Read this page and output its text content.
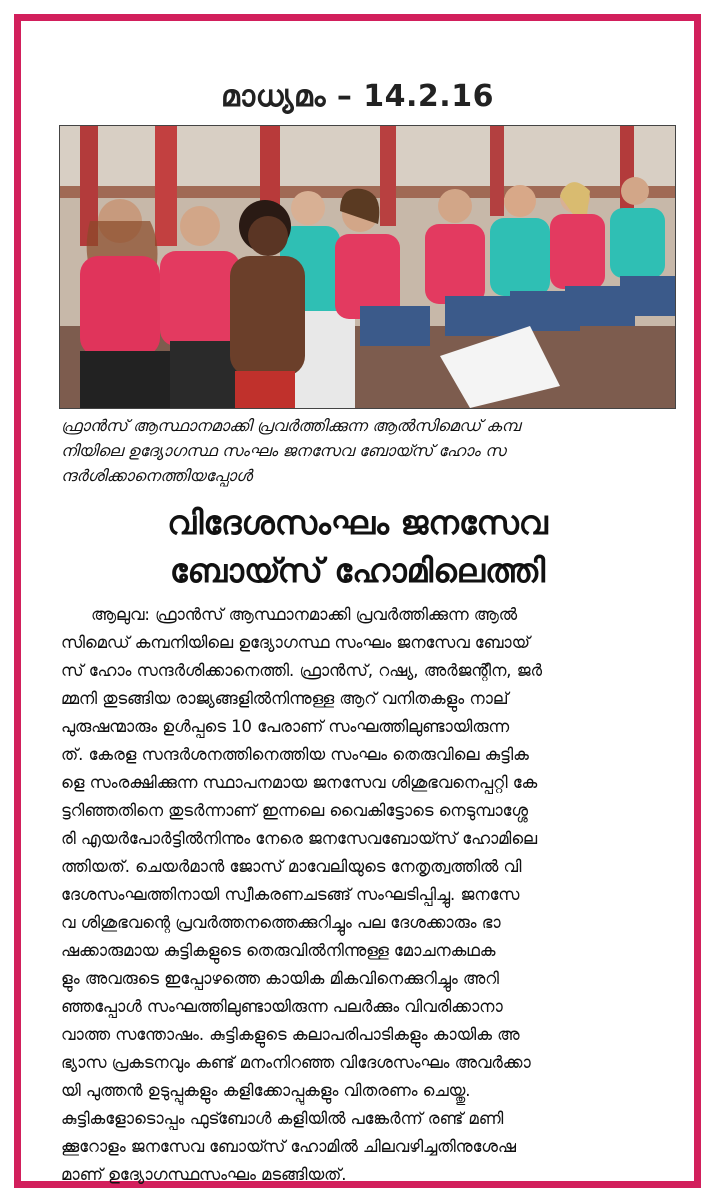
മാധ്യമം – 14.2.16
ഫ്രാൻസ് ആസ്ഥാനമാക്കി പ്രവർത്തിക്കുന്ന ആൽസിമെഡ് കമ്പ
നിയിലെ ഉദ്യോഗസ്ഥ സംഘം ജനസേവ ബോയ്സ് ഹോം സ
ന്ദർശിക്കാനെത്തിയപ്പോൾ
വിദേശസംഘം ജനസേവ
ബോയ്സ് ഹോമിലെത്തി
ആലുവ: ഫ്രാൻസ് ആസ്ഥാനമാക്കി പ്രവർത്തിക്കുന്ന ആൽ
സിമെഡ് കമ്പനിയിലെ ഉദ്യോഗസ്ഥ സംഘം ജനസേവ ബോയ്
സ് ഹോം സന്ദർശിക്കാനെത്തി. ഫ്രാൻസ്, റഷ്യ, അർജന്റീന, ജർ
മ്മനി തുടങ്ങിയ രാജ്യങ്ങളിൽനിന്നുള്ള ആറ് വനിതകളും നാല്
പുരുഷന്മാരും ഉൾപ്പടെ 10 പേരാണ് സംഘത്തിലുണ്ടായിരുന്ന
ത്. കേരള സന്ദർശനത്തിനെത്തിയ സംഘം തെരുവിലെ കുട്ടിക
ളെ സംരക്ഷിക്കുന്ന സ്ഥാപനമായ ജനസേവ ശിശുഭവനെപ്പറ്റി കേ
ട്ടറിഞ്ഞതിനെ തുടർന്നാണ് ഇന്നലെ വൈകിട്ടോടെ നെടുമ്പാശ്ശേ
രി എയർപോർട്ടിൽനിന്നും നേരെ ജനസേവബോയ്സ് ഹോമിലെ
ത്തിയത്. ചെയർമാൻ ജോസ് മാവേലിയുടെ നേതൃത്വത്തിൽ വി
ദേശസംഘത്തിനായി സ്വീകരണചടങ്ങ് സംഘടിപ്പിച്ചു. ജനസേ
വ ശിശുഭവന്റെ പ്രവർത്തനത്തെക്കുറിച്ചും പല ദേശക്കാരും ഭാ
ഷക്കാരുമായ കുട്ടികളുടെ തെരുവിൽനിന്നുള്ള മോചനകഥക
ളും അവരുടെ ഇപ്പോഴത്തെ കായിക മികവിനെക്കുറിച്ചും അറി
ഞ്ഞപ്പോൾ സംഘത്തിലുണ്ടായിരുന്ന പലർക്കും വിവരിക്കാനാ
വാത്ത സന്തോഷം. കുട്ടികളുടെ കലാപരിപാടികളും കായിക അ
ഭ്യാസ പ്രകടനവും കണ്ട് മനംനിറഞ്ഞ വിദേശസംഘം അവർക്കാ
യി പുത്തൻ ഉടുപ്പുകളും കളിക്കോപ്പുകളും വിതരണം ചെയ്തു.
കുട്ടികളോടൊപ്പം ഫുട്ബോൾ കളിയിൽ പങ്കേർന്ന് രണ്ട് മണി
ക്കൂറോളം ജനസേവ ബോയ്സ് ഹോമിൽ ചിലവഴിച്ചതിനുശേഷ
മാണ് ഉദ്യോഗസ്ഥസംഘം മടങ്ങിയത്.
